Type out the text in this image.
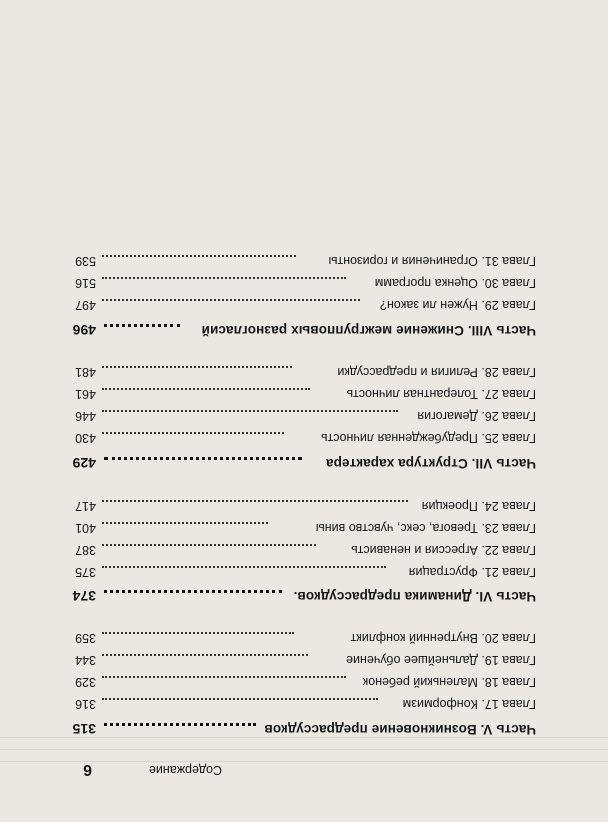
6	Содержание
Часть V. Возникновение предрассудков
315
Глава 17. Конформизм
316
Глава 18. Маленький ребенок
329
Глава 19. Дальнейшее обучение
344
Глава 20. Внутренний конфликт
359
Часть VI. Динамика предрассудков.
374
Глава 21. Фрустрация
375
Глава 22. Агрессия и ненависть
387
Глава 23. Тревога, секс, чувство вины
401
Глава 24. Проекция
417
Часть VII. Структура характера
429
Глава 25. Предубежденная личность
430
Глава 26. Демагогия
446
Глава 27. Толерантная личность
461
Глава 28. Религия и предрассудки
481
Часть VIII. Снижение межгрупповых разногласий
496
Глава 29. Нужен ли закон?
497
Глава 30. Оценка программ
516
Глава 31. Ограничения и горизонты
539
